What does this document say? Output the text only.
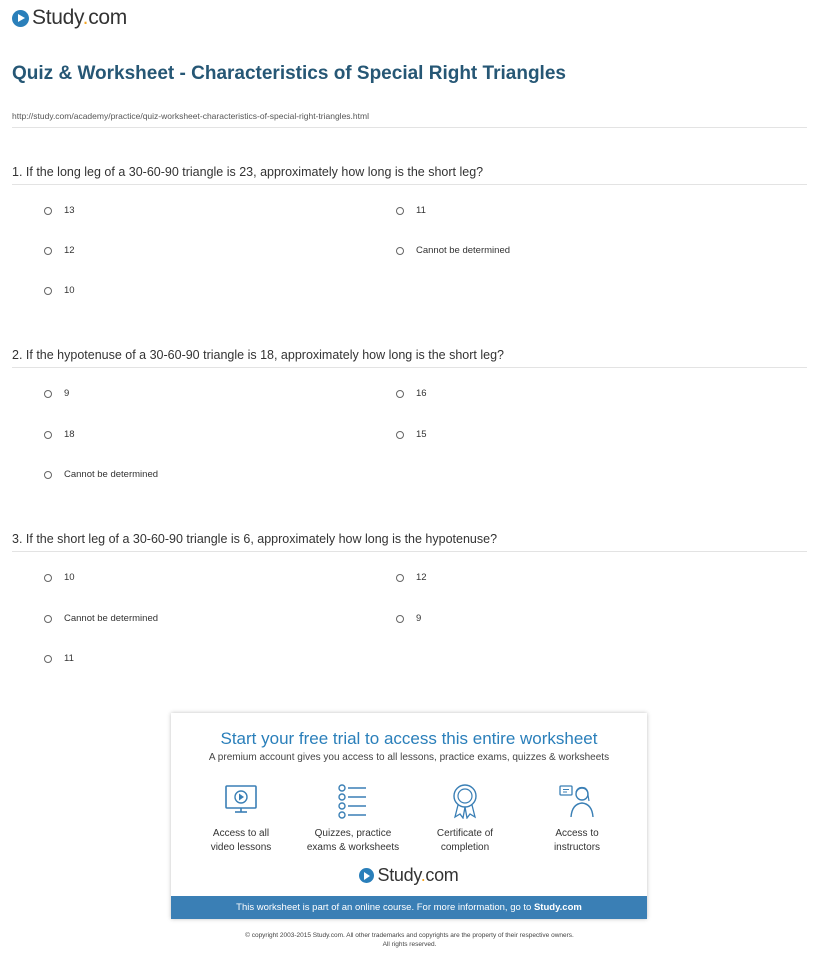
Study.com
Quiz & Worksheet - Characteristics of Special Right Triangles
http://study.com/academy/practice/quiz-worksheet-characteristics-of-special-right-triangles.html
1. If the long leg of a 30-60-90 triangle is 23, approximately how long is the short leg?
13	11
12	Cannot be determined
10
2. If the hypotenuse of a 30-60-90 triangle is 18, approximately how long is the short leg?
9	16
18	15
Cannot be determined
3. If the short leg of a 30-60-90 triangle is 6, approximately how long is the hypotenuse?
10	12
Cannot be determined	9
11
Start your free trial to access this entire worksheet
A premium account gives you access to all lessons, practice exams, quizzes & worksheets
Access to all
video lessons
Quizzes, practice
exams & worksheets
Certificate of
completion
Access to
instructors
Study.com
This worksheet is part of an online course. For more information, go to Study.com
© copyright 2003-2015 Study.com. All other trademarks and copyrights are the property of their respective owners.
All rights reserved.
